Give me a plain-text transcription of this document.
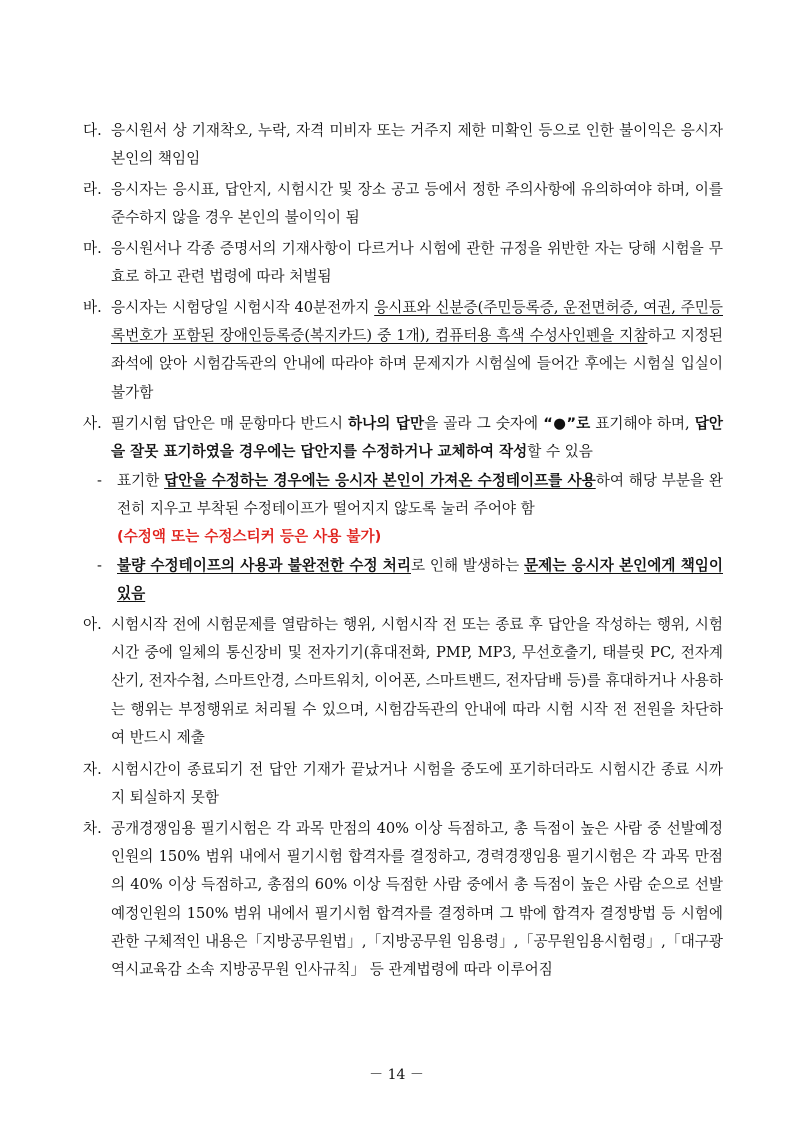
다. 응시원서 상 기재착오, 누락, 자격 미비자 또는 거주지 제한 미확인 등으로 인한 불이익은 응시자 본인의 책임임
라. 응시자는 응시표, 답안지, 시험시간 및 장소 공고 등에서 정한 주의사항에 유의하여야 하며, 이를 준수하지 않을 경우 본인의 불이익이 됨
마. 응시원서나 각종 증명서의 기재사항이 다르거나 시험에 관한 규정을 위반한 자는 당해 시험을 무효로 하고 관련 법령에 따라 처벌됨
바. 응시자는 시험당일 시험시작 40분전까지 응시표와 신분증(주민등록증, 운전면허증, 여권, 주민등록번호가 포함된 장애인등록증(복지카드) 중 1개), 컴퓨터용 흑색 수성사인펜을 지참하고 지정된 좌석에 앉아 시험감독관의 안내에 따라야 하며 문제지가 시험실에 들어간 후에는 시험실 입실이 불가함
사. 필기시험 답안은 매 문항마다 반드시 하나의 답만을 골라 그 숫자에 “●”로 표기해야 하며, 답안을 잘못 표기하였을 경우에는 답안지를 수정하거나 교체하여 작성할 수 있음
-	표기한 답안을 수정하는 경우에는 응시자 본인이 가져온 수정테이프를 사용하여 해당 부분을 완전히 지우고 부착된 수정테이프가 떨어지지 않도록 눌러 주어야 함
(수정액 또는 수정스티커 등은 사용 불가)
-	불량 수정테이프의 사용과 불완전한 수정 처리로 인해 발생하는 문제는 응시자 본인에게 책임이 있음
아. 시험시작 전에 시험문제를 열람하는 행위, 시험시작 전 또는 종료 후 답안을 작성하는 행위, 시험시간 중에 일체의 통신장비 및 전자기기(휴대전화, PMP, MP3, 무선호출기, 태블릿 PC, 전자계산기, 전자수첩, 스마트안경, 스마트워치, 이어폰, 스마트밴드, 전자담배 등)를 휴대하거나 사용하는 행위는 부정행위로 처리될 수 있으며, 시험감독관의 안내에 따라 시험 시작 전 전원을 차단하여 반드시 제출
자. 시험시간이 종료되기 전 답안 기재가 끝났거나 시험을 중도에 포기하더라도 시험시간 종료 시까지 퇴실하지 못함
차. 공개경쟁임용 필기시험은 각 과목 만점의 40% 이상 득점하고, 총 득점이 높은 사람 중 선발예정인원의 150% 범위 내에서 필기시험 합격자를 결정하고, 경력경쟁임용 필기시험은 각 과목 만점의 40% 이상 득점하고, 총점의 60% 이상 득점한 사람 중에서 총 득점이 높은 사람 순으로 선발예정인원의 150% 범위 내에서 필기시험 합격자를 결정하며 그 밖에 합격자 결정방법 등 시험에 관한 구체적인 내용은「지방공무원법」,「지방공무원 임용령」,「공무원임용시험령」,「대구광역시교육감 소속 지방공무원 인사규칙」 등 관계법령에 따라 이루어짐
－ 14 －
